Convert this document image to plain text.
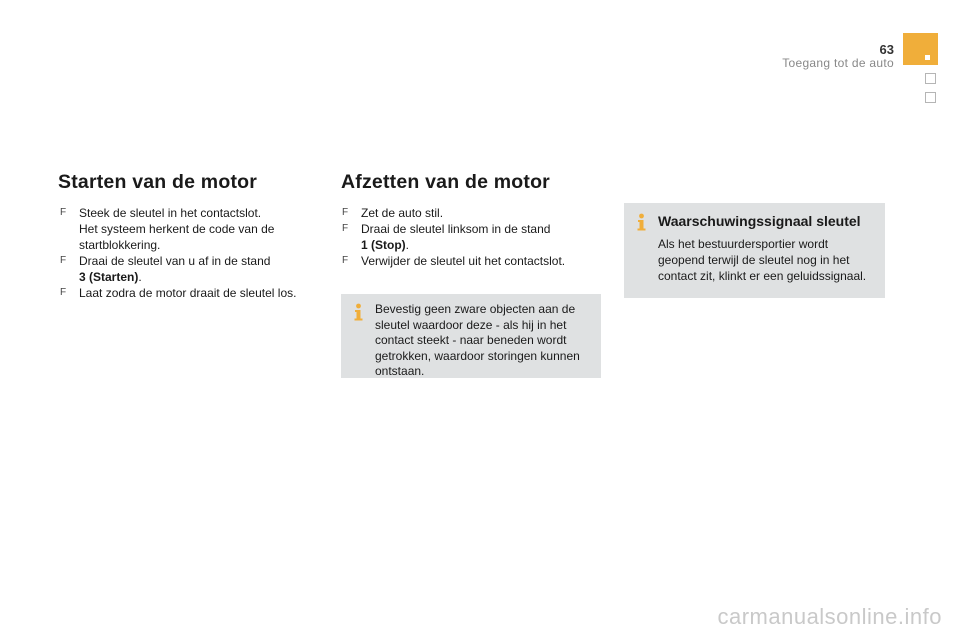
63
Toegang tot de auto
Starten van de motor
F Steek de sleutel in het contactslot.
Het systeem herkent de code van de
startblokkering.
F Draai de sleutel van u af in de stand
3 (Starten).
F Laat zodra de motor draait de sleutel los.
Afzetten van de motor
F Zet de auto stil.
F Draai de sleutel linksom in de stand
1 (Stop).
F Verwijder de sleutel uit het contactslot.
Bevestig geen zware objecten aan de
sleutel waardoor deze - als hij in het
contact steekt - naar beneden wordt
getrokken, waardoor storingen kunnen
ontstaan.
Waarschuwingssignaal sleutel
Als het bestuurdersportier wordt
geopend terwijl de sleutel nog in het
contact zit, klinkt er een geluidssignaal.
carmanualsonline.info
